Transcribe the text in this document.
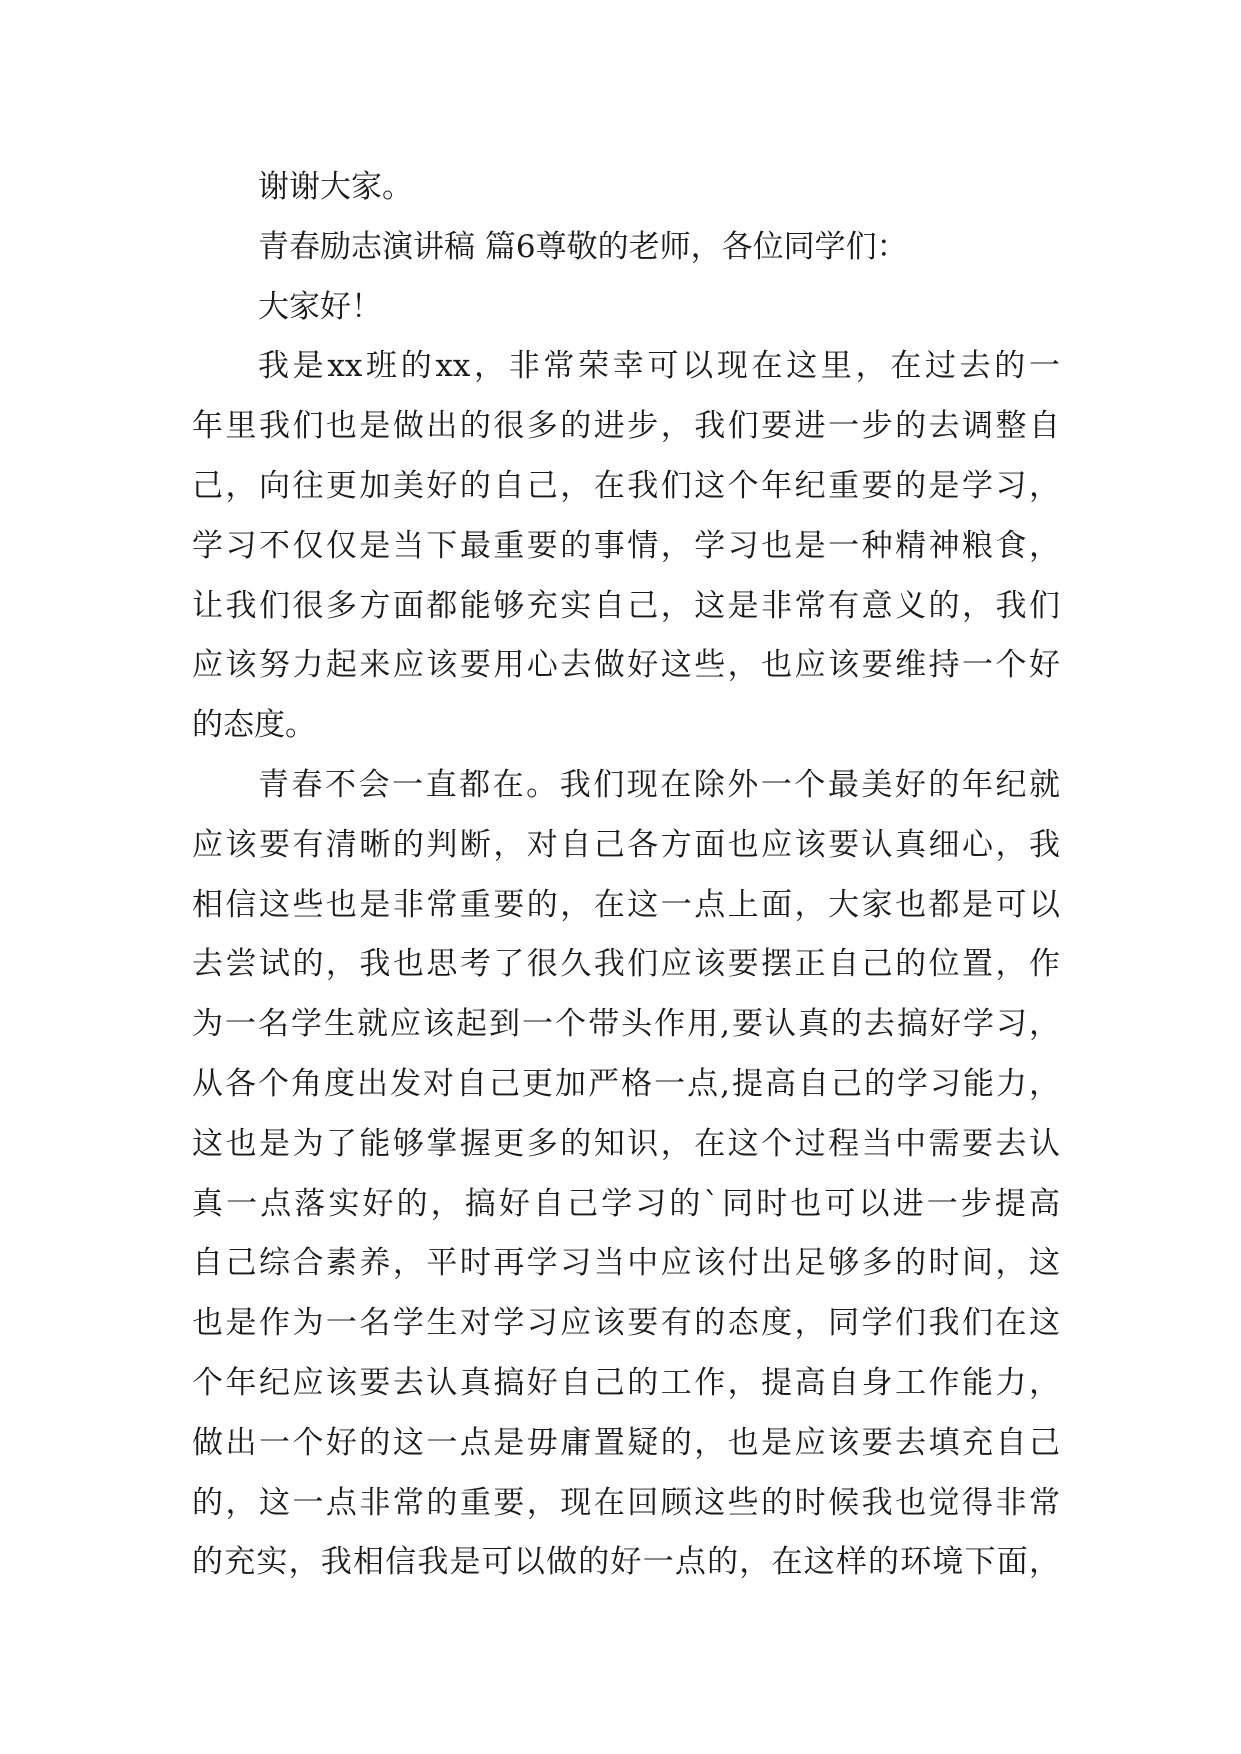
谢谢大家。
青春励志演讲稿 篇6尊敬的老师，各位同学们：
大家好！
我是xx班的xx，非常荣幸可以现在这里，在过去的一
年里我们也是做出的很多的进步，我们要进一步的去调整自
己，向往更加美好的自己，在我们这个年纪重要的是学习，
学习不仅仅是当下最重要的事情，学习也是一种精神粮食，
让我们很多方面都能够充实自己，这是非常有意义的，我们
应该努力起来应该要用心去做好这些，也应该要维持一个好
的态度。
青春不会一直都在。我们现在除外一个最美好的年纪就
应该要有清晰的判断，对自己各方面也应该要认真细心，我
相信这些也是非常重要的，在这一点上面，大家也都是可以
去尝试的，我也思考了很久我们应该要摆正自己的位置，作
为一名学生就应该起到一个带头作用,要认真的去搞好学习，
从各个角度出发对自己更加严格一点,提高自己的学习能力，
这也是为了能够掌握更多的知识，在这个过程当中需要去认
真一点落实好的，搞好自己学习的`同时也可以进一步提高
自己综合素养，平时再学习当中应该付出足够多的时间，这
也是作为一名学生对学习应该要有的态度，同学们我们在这
个年纪应该要去认真搞好自己的工作，提高自身工作能力，
做出一个好的这一点是毋庸置疑的，也是应该要去填充自己
的，这一点非常的重要，现在回顾这些的时候我也觉得非常
的充实，我相信我是可以做的好一点的，在这样的环境下面，
